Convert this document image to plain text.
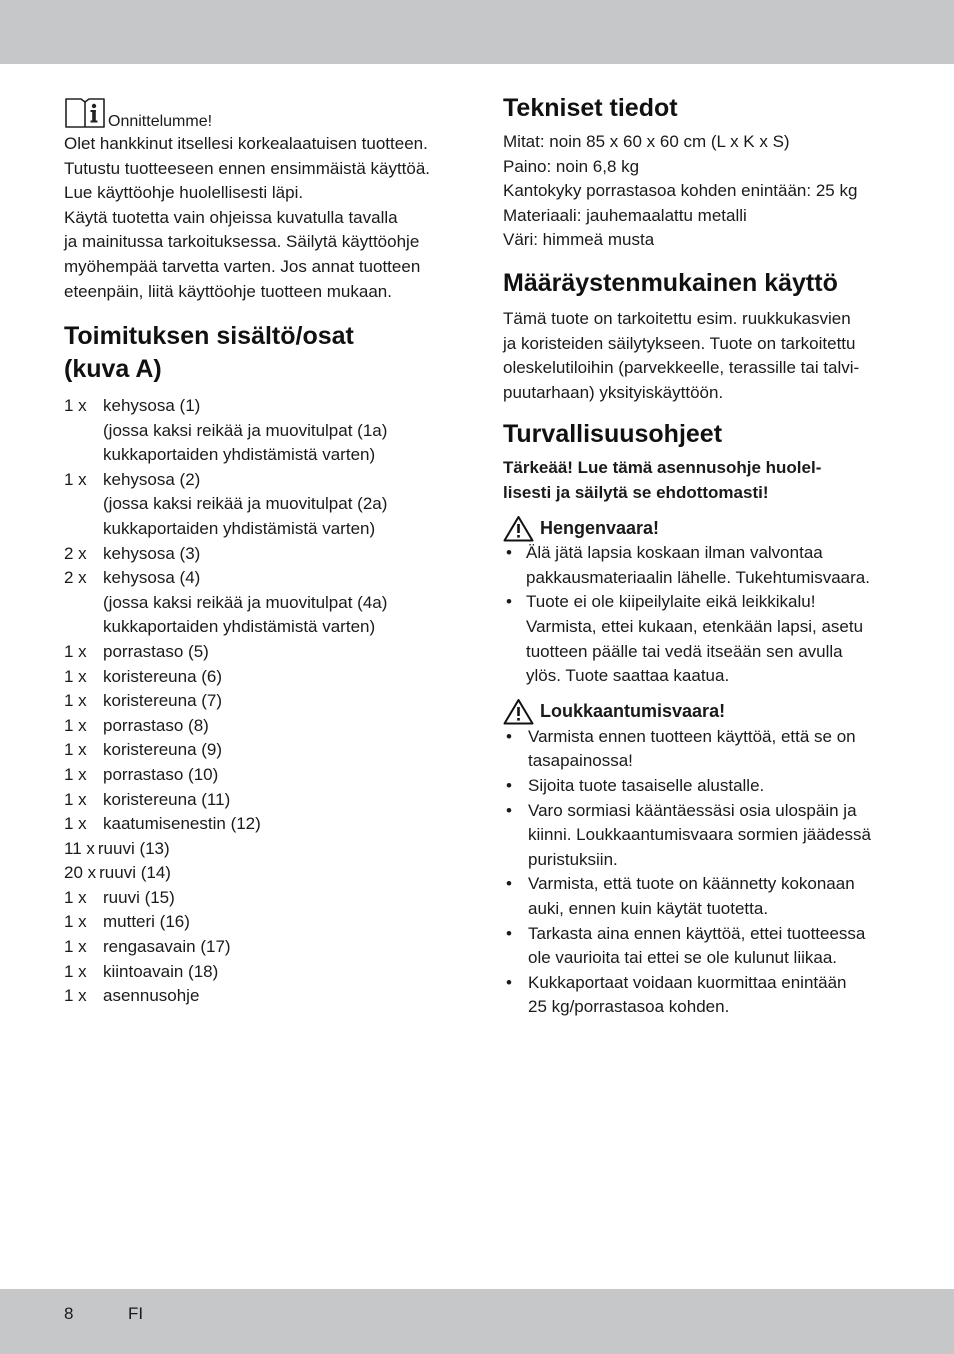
Onnittelumme!
Olet hankkinut itsellesi korkealaatuisen tuotteen.
Tutustu tuotteeseen ennen ensimmäistä käyttöä.
Lue käyttöohje huolellisesti läpi.
Käytä tuotetta vain ohjeissa kuvatulla tavalla
ja mainitussa tarkoituksessa. Säilytä käyttöohje
myöhempää tarvetta varten. Jos annat tuotteen
eteenpäin, liitä käyttöohje tuotteen mukaan.
Toimituksen sisältö/osat
(kuva A)
1 x kehysosa (1)
(jossa kaksi reikää ja muovitulpat (1a)
kukkaportaiden yhdistämistä varten)
1 x kehysosa (2)
(jossa kaksi reikää ja muovitulpat (2a)
kukkaportaiden yhdistämistä varten)
2 x kehysosa (3)
2 x kehysosa (4)
(jossa kaksi reikää ja muovitulpat (4a)
kukkaportaiden yhdistämistä varten)
1 x porrastaso (5)
1 x koristereuna (6)
1 x koristereuna (7)
1 x porrastaso (8)
1 x koristereuna (9)
1 x porrastaso (10)
1 x koristereuna (11)
1 x kaatumisenestin (12)
11 x ruuvi (13)
20 x ruuvi (14)
1 x ruuvi (15)
1 x mutteri (16)
1 x rengasavain (17)
1 x kiintoavain (18)
1 x asennusohje
Tekniset tiedot
Mitat: noin 85 x 60 x 60 cm (L x K x S)
Paino: noin 6,8 kg
Kantokyky porrastasoa kohden enintään: 25 kg
Materiaali: jauhemaalattu metalli
Väri: himmeä musta
Määräystenmukainen käyttö
Tämä tuote on tarkoitettu esim. ruukkukasvien
ja koristeiden säilytykseen. Tuote on tarkoitettu
oleskelutiloihin (parvekkeelle, terassille tai talvi-
puutarhaan) yksityiskäyttöön.
Turvallisuusohjeet
Tärkeää! Lue tämä asennusohje huolel-
lisesti ja säilytä se ehdottomasti!
Hengenvaara!
• Älä jätä lapsia koskaan ilman valvontaa
pakkausmateriaalin lähelle. Tukehtumisvaara.
• Tuote ei ole kiipeilylaite eikä leikkikalu!
Varmista, ettei kukaan, etenkään lapsi, asetu
tuotteen päälle tai vedä itseään sen avulla
ylös. Tuote saattaa kaatua.
Loukkaantumisvaara!
• Varmista ennen tuotteen käyttöä, että se on
tasapainossa!
• Sijoita tuote tasaiselle alustalle.
• Varo sormiasi kääntäessäsi osia ulospäin ja
kiinni. Loukkaantumisvaara sormien jäädessä
puristuksiin.
• Varmista, että tuote on käännetty kokonaan
auki, ennen kuin käytät tuotetta.
• Tarkasta aina ennen käyttöä, ettei tuotteessa
ole vaurioita tai ettei se ole kulunut liikaa.
• Kukkaportaat voidaan kuormittaa enintään
25 kg/porrastasoa kohden.
8	FI
